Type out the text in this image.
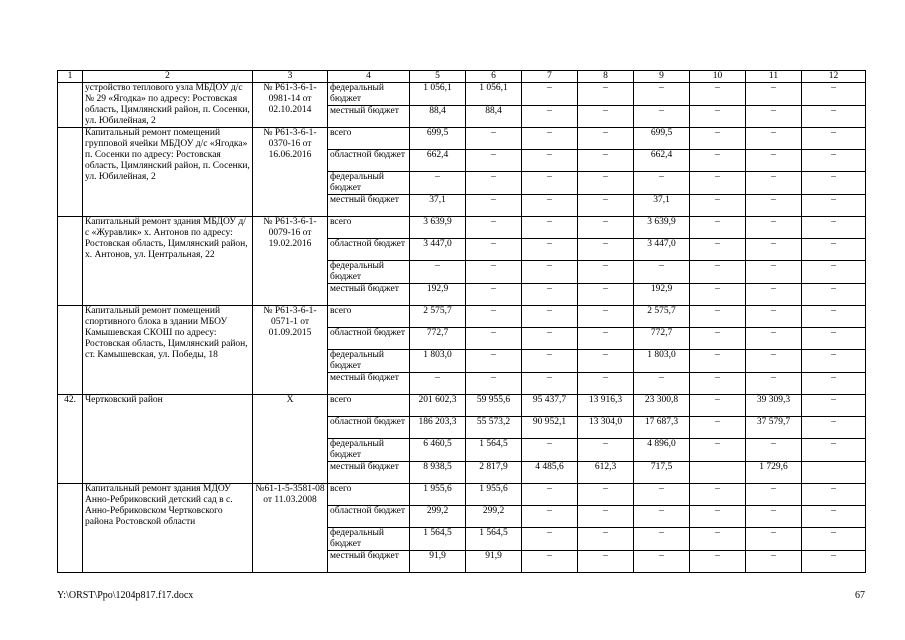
1	2	3	4	5	6	7	8	9	10	11	12
	устройство теплового узла МБДОУ д/с № 29 «Ягодка» по адресу: Ростовская область, Цимлянский район, п. Сосенки, ул. Юбилейная, 2	№ Р61-3-6-1-0981-14 от 02.10.2014	федеральный бюджет	1 056,1	1 056,1	–	–	–	–	–	–
			местный бюджет	88,4	88,4	–	–	–	–	–	–
	Капитальный ремонт помещений групповой ячейки МБДОУ д/с «Ягодка» п. Сосенки по адресу: Ростовская область, Цимлянский район, п. Сосенки, ул. Юбилейная, 2	№ Р61-3-6-1-0370-16 от 16.06.2016	всего	699,5	–	–	–	699,5	–	–	–
			областной бюджет	662,4	–	–	–	662,4	–	–	–
			федеральный бюджет	–	–	–	–	–	–	–	–
			местный бюджет	37,1	–	–	–	37,1	–	–	–
	Капитальный ремонт здания МБДОУ д/с «Журавлик» х. Антонов по адресу: Ростовская область, Цимлянский район, х. Антонов, ул. Центральная, 22	№ Р61-3-6-1-0079-16 от 19.02.2016	всего	3 639,9	–	–	–	3 639,9	–	–	–
			областной бюджет	3 447,0	–	–	–	3 447,0	–	–	–
			федеральный бюджет	–	–	–	–	–	–	–	–
			местный бюджет	192,9	–	–	–	192,9	–	–	–
	Капитальный ремонт помещений спортивного блока в здании МБОУ Камышевская СКОШ по адресу: Ростовская область, Цимлянский район, ст. Камышевская, ул. Победы, 18	№ Р61-3-6-1-0571-1 от 01.09.2015	всего	2 575,7	–	–	–	2 575,7	–	–	–
			областной бюджет	772,7	–	–	–	772,7	–	–	–
			федеральный бюджет	1 803,0	–	–	–	1 803,0	–	–	–
			местный бюджет	–	–	–	–	–	–	–	–
42.	Чертковский район	Х	всего	201 602,3	59 955,6	95 437,7	13 916,3	23 300,8	–	39 309,3	–
			областной бюджет	186 203,3	55 573,2	90 952,1	13 304,0	17 687,3	–	37 579,7	–
			федеральный бюджет	6 460,5	1 564,5	–	–	4 896,0	–	–	–
			местный бюджет	8 938,5	2 817,9	4 485,6	612,3	717,5		1 729,6	
	Капитальный ремонт здания МДОУ Анно-Ребриковский детский сад в с. Анно-Ребриковском Чертковского района Ростовской области	№61-1-5-3581-08 от 11.03.2008	всего	1 955,6	1 955,6	–	–	–	–	–	–
			областной бюджет	299,2	299,2	–	–	–	–	–	–
			федеральный бюджет	1 564,5	1 564,5	–	–	–	–	–	–
			местный бюджет	91,9	91,9	–	–	–	–	–	–
Y:\ORST\Ppo\1204p817.f17.docx	67
